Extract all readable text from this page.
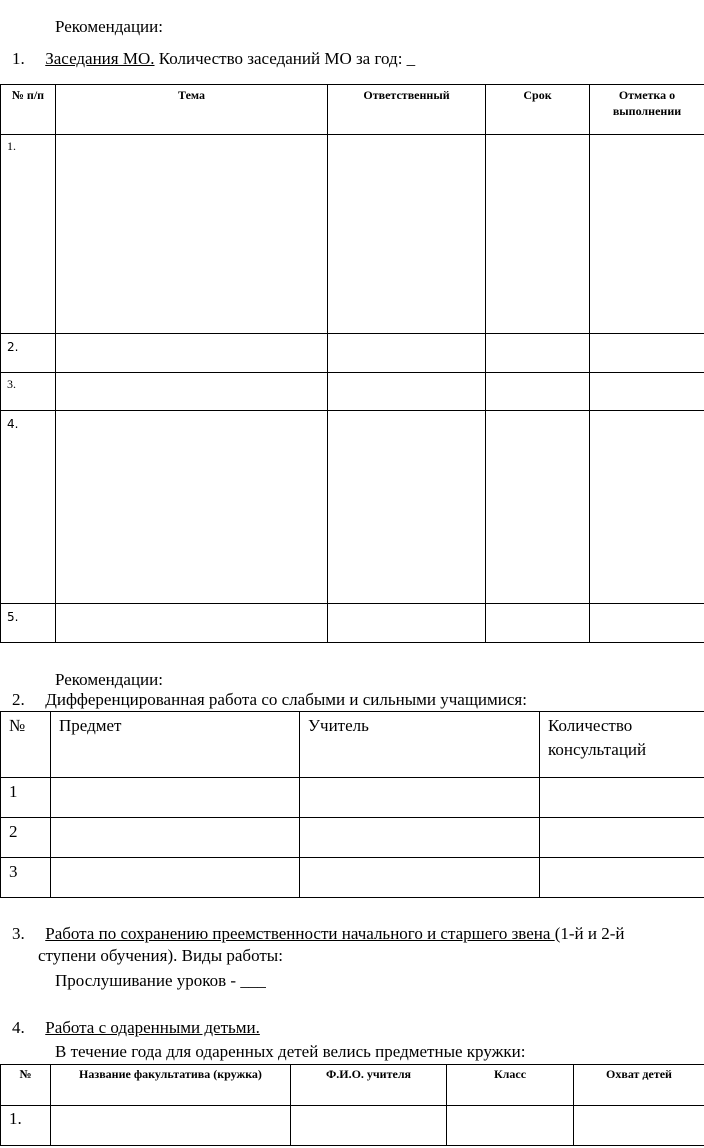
Рекомендации:
1. Заседания МО. Количество заседаний МО за год: _
№ п/п	Тема	Ответственный	Срок	Отметка о выполнении
1.				
2.				
3.				
4.				
5.				
Рекомендации:
2. Дифференцированная работа со слабыми и сильными учащимися:
№	Предмет	Учитель	Количество консультаций
1			
2			
3			
3. Работа по сохранению преемственности начального и старшего звена (1-й и 2-й
ступени обучения). Виды работы:
Прослушивание уроков - ___
4. Работа с одаренными детьми.
В течение года для одаренных детей велись предметные кружки:
№	Название факультатива (кружка)	Ф.И.О. учителя	Класс	Охват детей
1.				
